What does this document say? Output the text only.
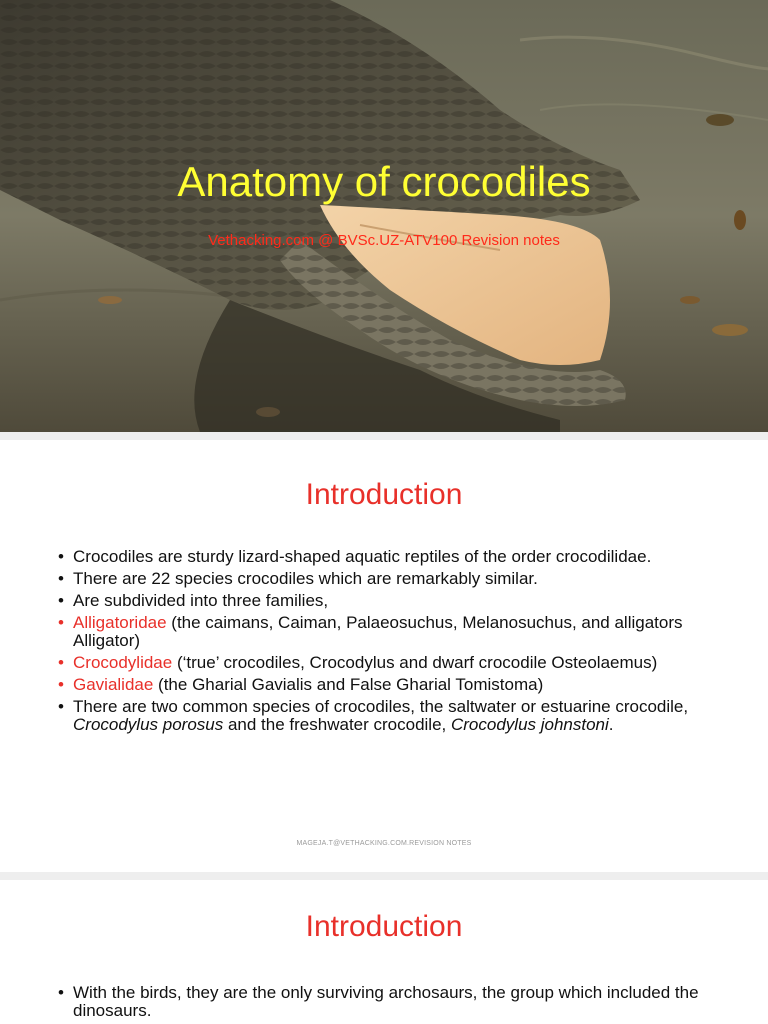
Anatomy of crocodiles
Vethacking.com @ BVSc.UZ-ATV100 Revision notes
Introduction
• Crocodiles are sturdy lizard-shaped aquatic reptiles of the order crocodilidae.
• There are 22 species crocodiles which are remarkably similar.
• Are subdivided into three families,
• Alligatoridae (the caimans, Caiman, Palaeosuchus, Melanosuchus, and alligators Alligator)
• Crocodylidae (‘true’ crocodiles, Crocodylus and dwarf crocodile Osteolaemus)
• Gavialidae (the Gharial Gavialis and False Gharial Tomistoma)
• There are two common species of crocodiles, the saltwater or estuarine crocodile, Crocodylus porosus and the freshwater crocodile, Crocodylus johnstoni.
MAGEJA.T@VETHACKING.COM.REVISION NOTES
Introduction
• With the birds, they are the only surviving archosaurs, the group which included the dinosaurs.
